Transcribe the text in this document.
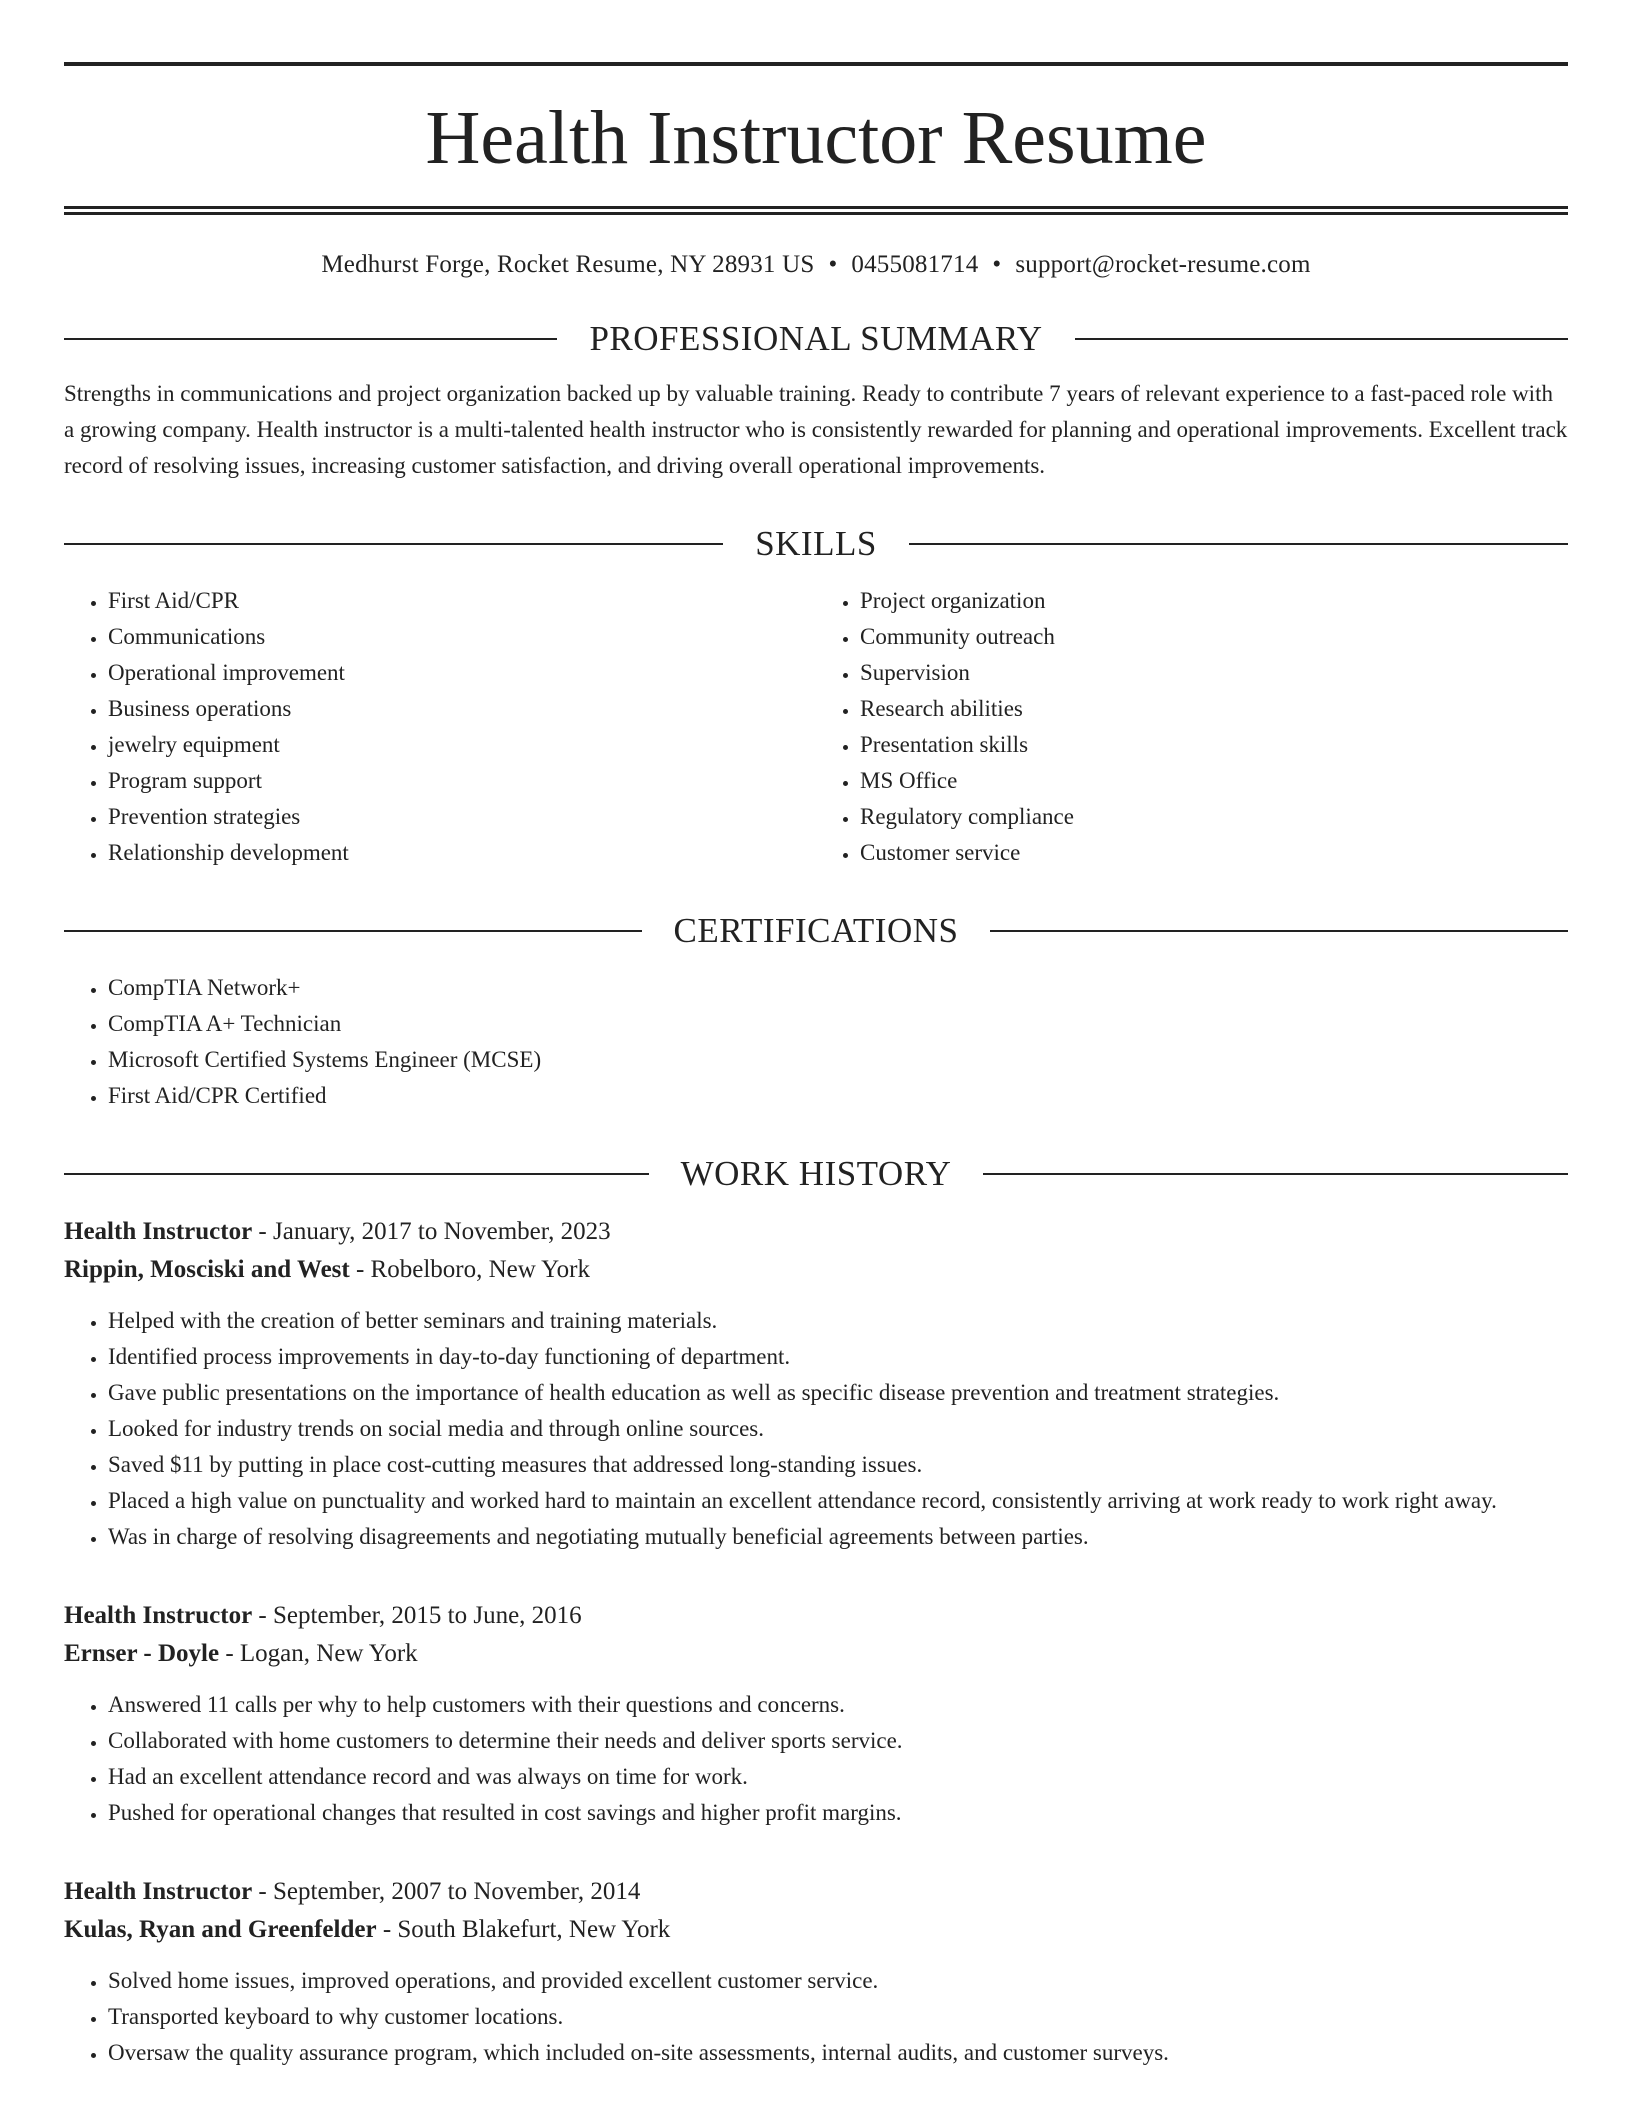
Health Instructor Resume
Medhurst Forge, Rocket Resume, NY 28931 US • 0455081714 • support@rocket-resume.com
PROFESSIONAL SUMMARY

Strengths in communications and project organization backed up by valuable training. Ready to contribute 7 years of relevant experience to a fast-paced role with a growing company. Health instructor is a multi-talented health instructor who is consistently rewarded for planning and operational improvements. Excellent track record of resolving issues, increasing customer satisfaction, and driving overall operational improvements.

SKILLS
• First Aid/CPR
• Communications
• Operational improvement
• Business operations
• jewelry equipment
• Program support
• Prevention strategies
• Relationship development
• Project organization
• Community outreach
• Supervision
• Research abilities
• Presentation skills
• MS Office
• Regulatory compliance
• Customer service
CERTIFICATIONS
• CompTIA Network+
• CompTIA A+ Technician
• Microsoft Certified Systems Engineer (MCSE)
• First Aid/CPR Certified
WORK HISTORY
Health Instructor - January, 2017 to November, 2023
Rippin, Mosciski and West - Robelboro, New York
• Helped with the creation of better seminars and training materials.
• Identified process improvements in day-to-day functioning of department.
• Gave public presentations on the importance of health education as well as specific disease prevention and treatment strategies.
• Looked for industry trends on social media and through online sources.
• Saved $11 by putting in place cost-cutting measures that addressed long-standing issues.
• Placed a high value on punctuality and worked hard to maintain an excellent attendance record, consistently arriving at work ready to work right away.
• Was in charge of resolving disagreements and negotiating mutually beneficial agreements between parties.
Health Instructor - September, 2015 to June, 2016
Ernser - Doyle - Logan, New York
• Answered 11 calls per why to help customers with their questions and concerns.
• Collaborated with home customers to determine their needs and deliver sports service.
• Had an excellent attendance record and was always on time for work.
• Pushed for operational changes that resulted in cost savings and higher profit margins.
Health Instructor - September, 2007 to November, 2014
Kulas, Ryan and Greenfelder - South Blakefurt, New York
• Solved home issues, improved operations, and provided excellent customer service.
• Transported keyboard to why customer locations.
• Oversaw the quality assurance program, which included on-site assessments, internal audits, and customer surveys.
